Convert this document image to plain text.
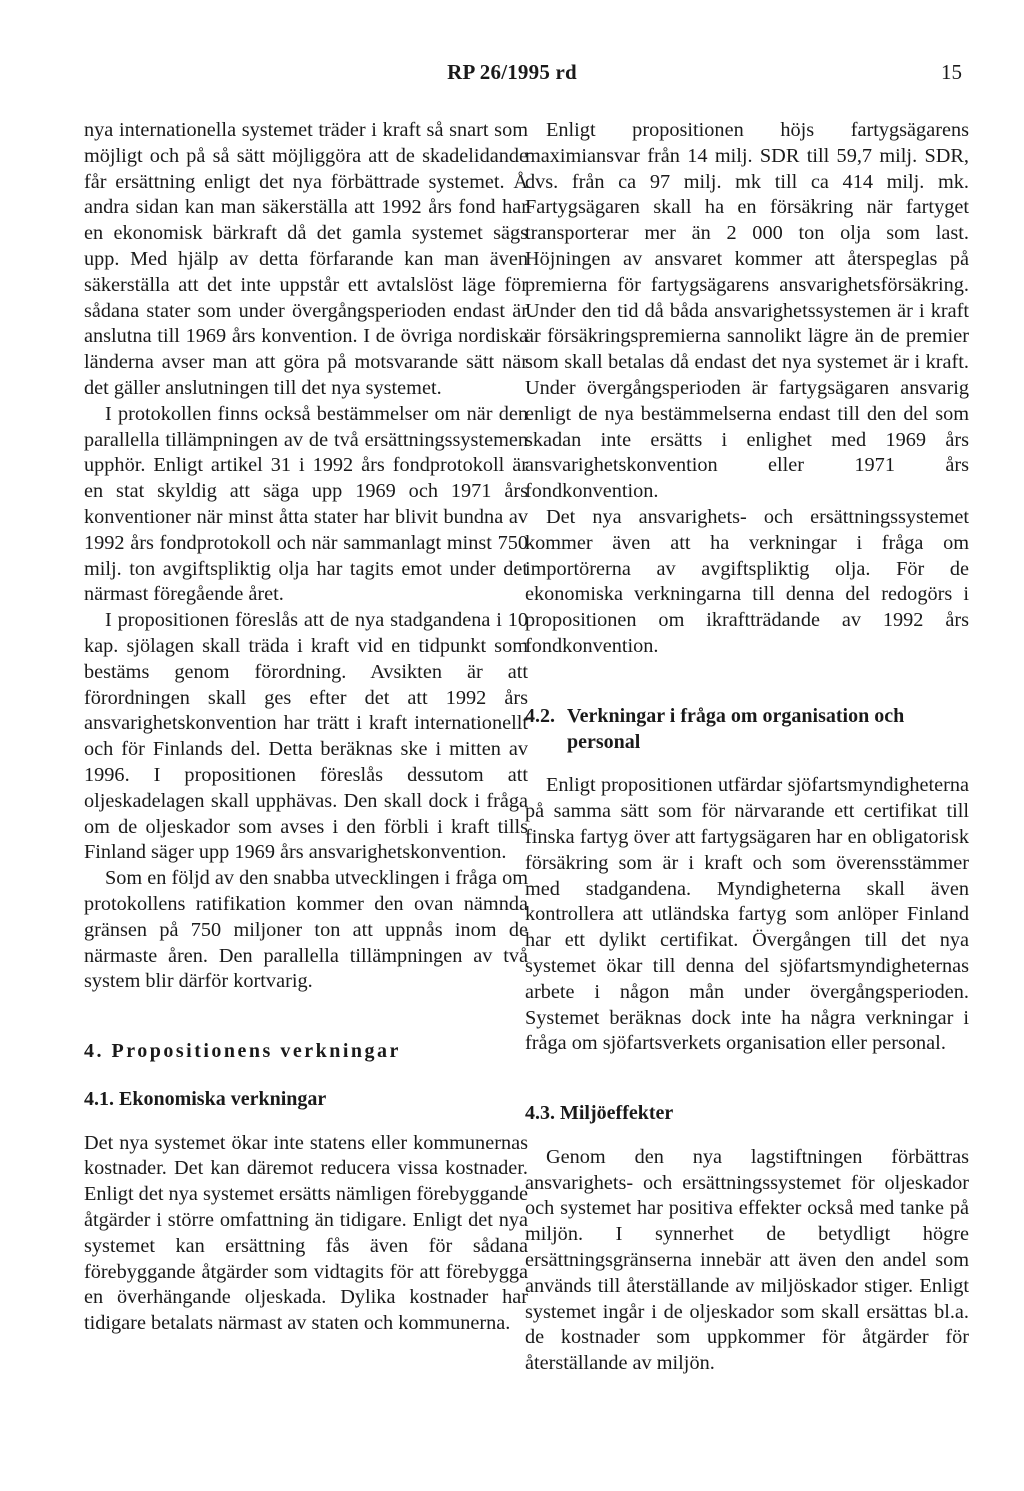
RP 26/1995 rd	15

nya internationella systemet träder i kraft så snart som möjligt och på så sätt möjliggöra att de skadelidande får ersättning enligt det nya förbättrade systemet. Å andra sidan kan man säkerställa att 1992 års fond har en ekonomisk bärkraft då det gamla systemet sägs upp. Med hjälp av detta förfarande kan man även säkerställa att det inte uppstår ett avtalslöst läge för sådana stater som under övergångsperioden endast är anslutna till 1969 års konvention. I de övriga nordiska länderna avser man att göra på motsvarande sätt när det gäller anslutningen till det nya systemet.

I protokollen finns också bestämmelser om när den parallella tillämpningen av de två ersättningssystemen upphör. Enligt artikel 31 i 1992 års fondprotokoll är en stat skyldig att säga upp 1969 och 1971 års konventioner när minst åtta stater har blivit bundna av 1992 års fondprotokoll och när sammanlagt minst 750 milj. ton avgiftspliktig olja har tagits emot under det närmast föregående året.

I propositionen föreslås att de nya stadgandena i 10 kap. sjölagen skall träda i kraft vid en tidpunkt som bestäms genom förordning. Avsikten är att förordningen skall ges efter det att 1992 års ansvarighetskonvention har trätt i kraft internationellt och för Finlands del. Detta beräknas ske i mitten av 1996. I propositionen föreslås dessutom att oljeskadelagen skall upphävas. Den skall dock i fråga om de oljeskador som avses i den förbli i kraft tills Finland säger upp 1969 års ansvarighetskonvention.

Som en följd av den snabba utvecklingen i fråga om protokollens ratifikation kommer den ovan nämnda gränsen på 750 miljoner ton att uppnås inom de närmaste åren. Den parallella tillämpningen av två system blir därför kortvarig.

4. Propositionens verkningar
4.1. Ekonomiska verkningar

Det nya systemet ökar inte statens eller kommunernas kostnader. Det kan däremot reducera vissa kostnader. Enligt det nya systemet ersätts nämligen förebyggande åtgärder i större omfattning än tidigare. Enligt det nya systemet kan ersättning fås även för sådana förebyggande åtgärder som vidtagits för att förebygga en överhängande oljeskada. Dylika kostnader har tidigare betalats närmast av staten och kommunerna.

Enligt propositionen höjs fartygsägarens maximiansvar från 14 milj. SDR till 59,7 milj. SDR, dvs. från ca 97 milj. mk till ca 414 milj. mk. Fartygsägaren skall ha en försäkring när fartyget transporterar mer än 2 000 ton olja som last. Höjningen av ansvaret kommer att återspeglas på premierna för fartygsägarens ansvarighetsförsäkring. Under den tid då båda ansvarighetssystemen är i kraft är försäkringspremierna sannolikt lägre än de premier som skall betalas då endast det nya systemet är i kraft. Under övergångsperioden är fartygsägaren ansvarig enligt de nya bestämmelserna endast till den del som skadan inte ersätts i enlighet med 1969 års ansvarighetskonvention eller 1971 års fondkonvention.

Det nya ansvarighets- och ersättningssystemet kommer även att ha verkningar i fråga om importörerna av avgiftspliktig olja. För de ekonomiska verkningarna till denna del redogörs i propositionen om ikraftträdande av 1992 års fondkonvention.

4.2. Verkningar i fråga om organisation och personal

Enligt propositionen utfärdar sjöfartsmyndigheterna på samma sätt som för närvarande ett certifikat till finska fartyg över att fartygsägaren har en obligatorisk försäkring som är i kraft och som överensstämmer med stadgandena. Myndigheterna skall även kontrollera att utländska fartyg som anlöper Finland har ett dylikt certifikat. Övergången till det nya systemet ökar till denna del sjöfartsmyndigheternas arbete i någon mån under övergångsperioden. Systemet beräknas dock inte ha några verkningar i fråga om sjöfartsverkets organisation eller personal.

4.3. Miljöeffekter

Genom den nya lagstiftningen förbättras ansvarighets- och ersättningssystemet för oljeskador och systemet har positiva effekter också med tanke på miljön. I synnerhet de betydligt högre ersättningsgränserna innebär att även den andel som används till återställande av miljöskador stiger. Enligt systemet ingår i de oljeskador som skall ersättas bl.a. de kostnader som uppkommer för åtgärder för återställande av miljön.
